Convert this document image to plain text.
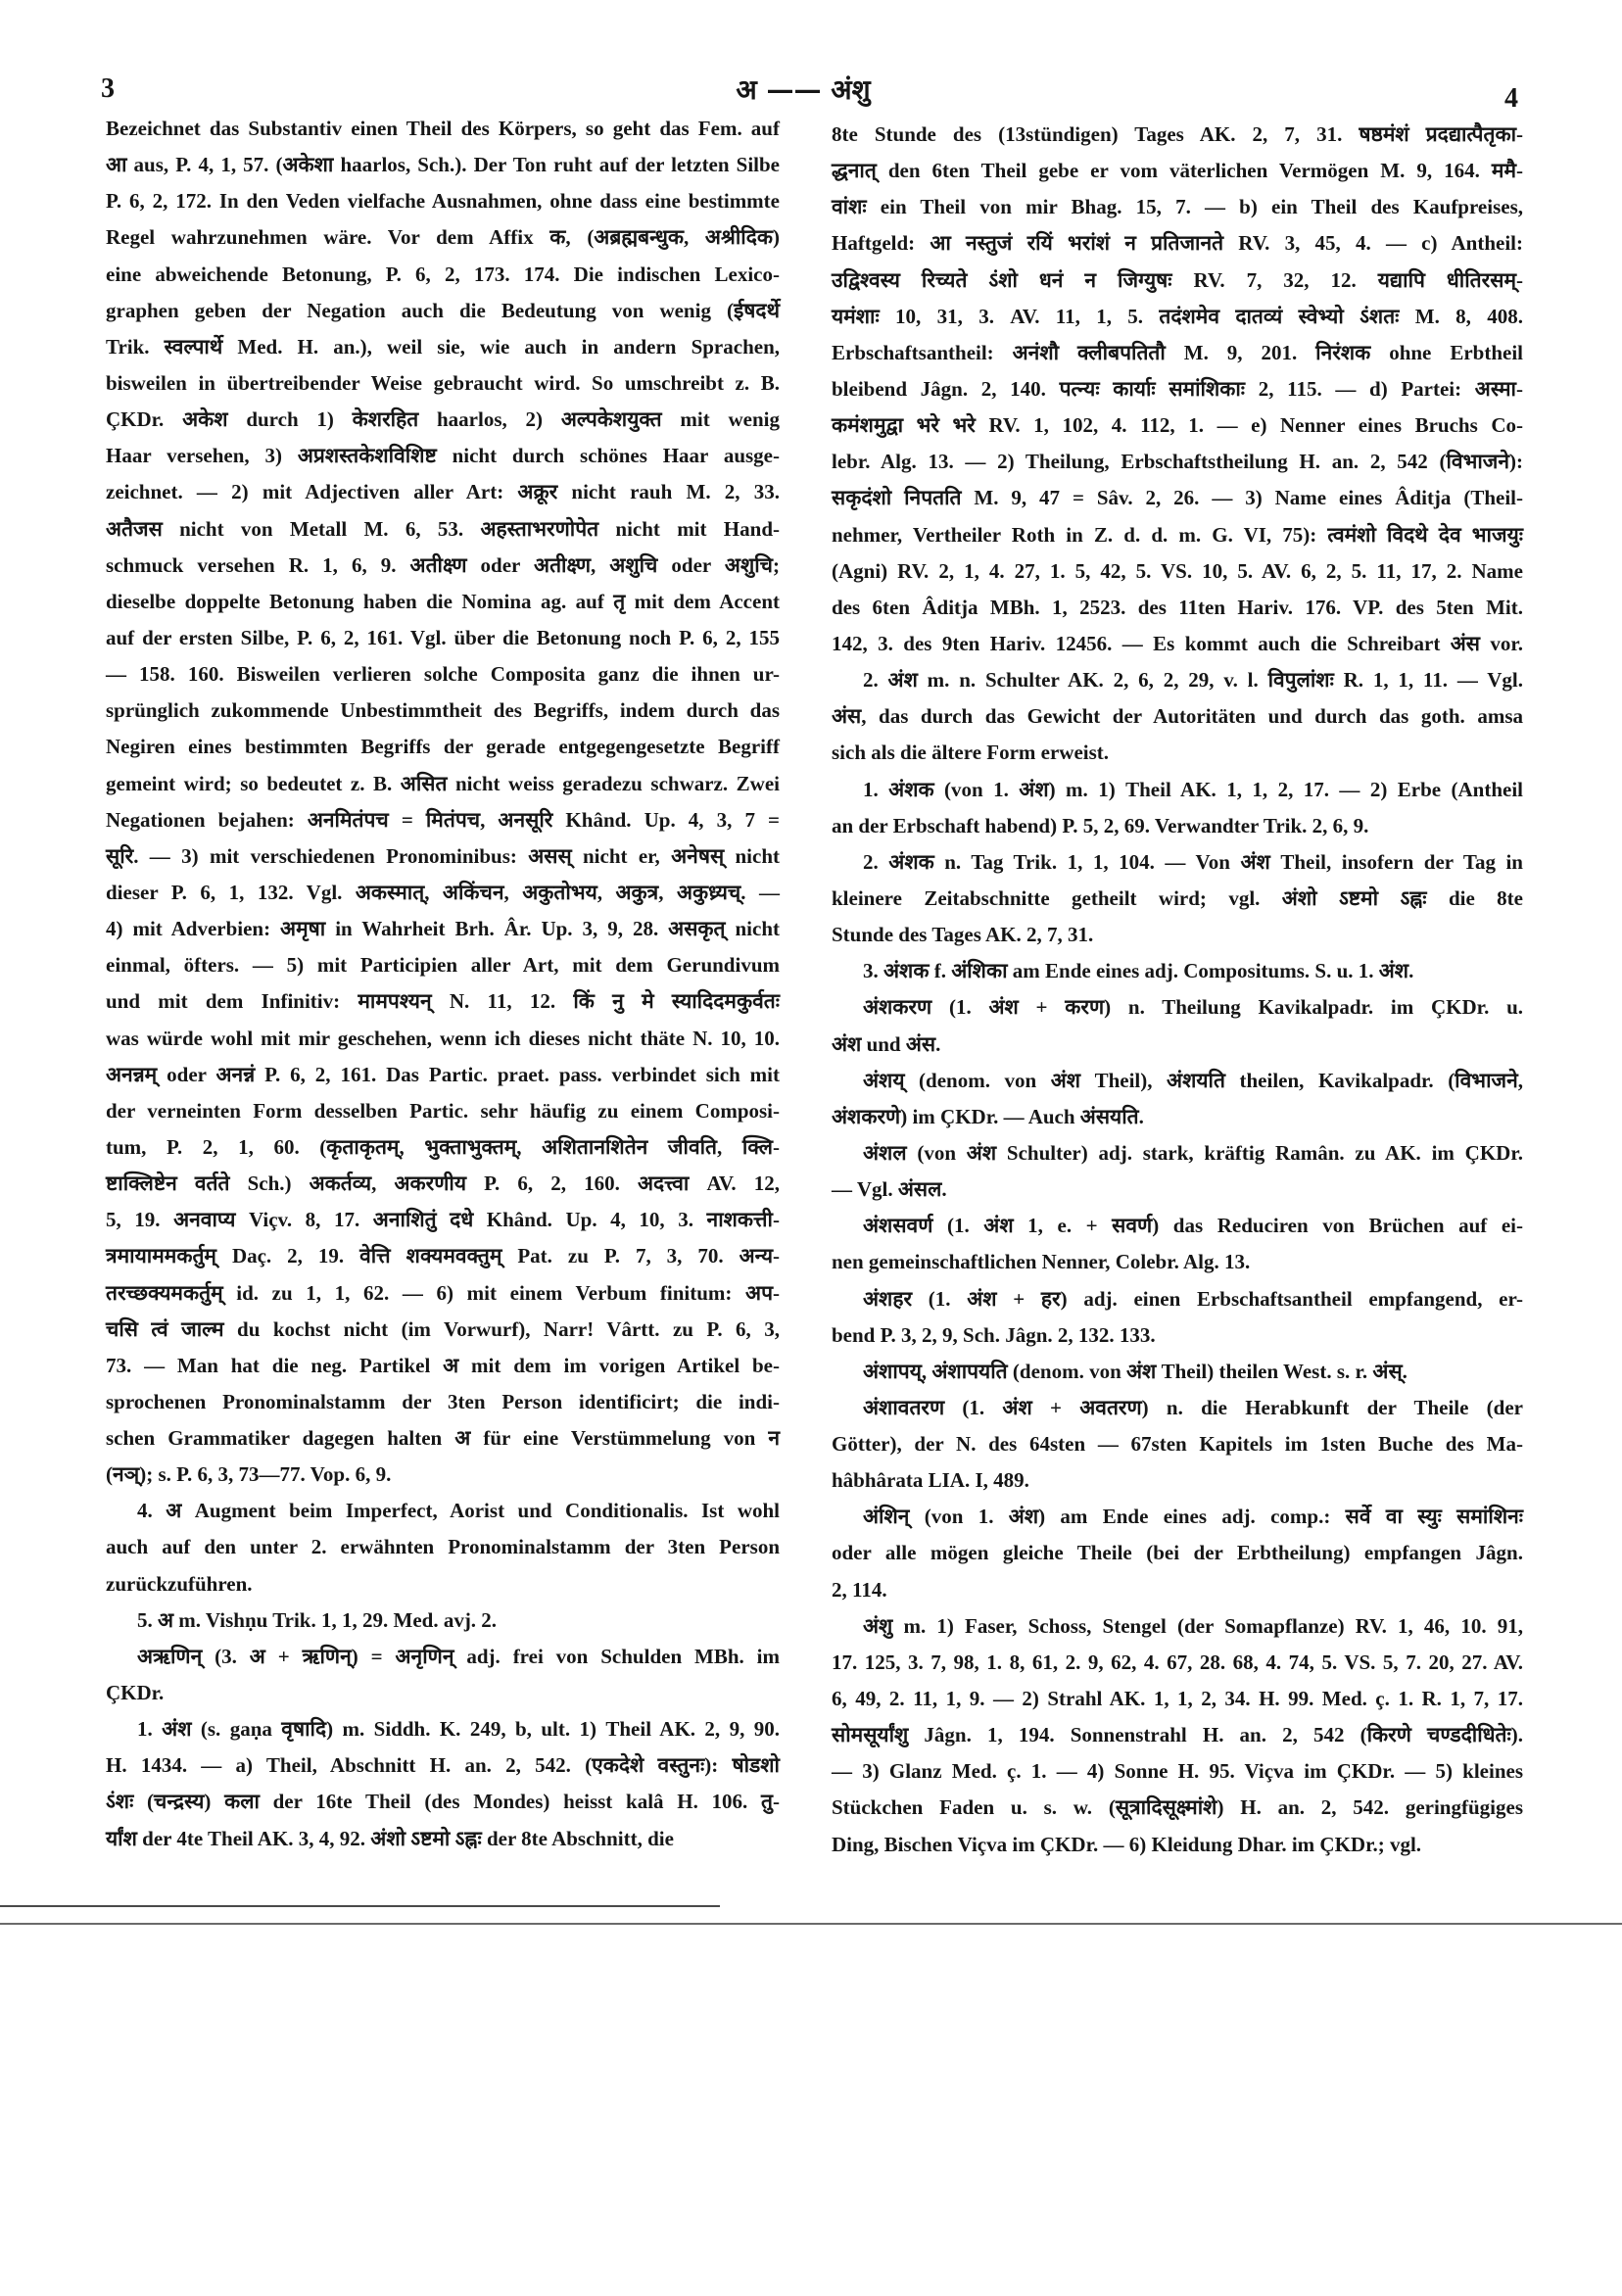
3	अ —— अंशु	4
Bezeichnet das Substantiv einen Theil des Körpers, so geht das Fem. auf
आ aus, P. 4, 1, 57. (अकेशा haarlos, Sch.). Der Ton ruht auf der letzten Silbe
P. 6, 2, 172. In den Veden vielfache Ausnahmen, ohne dass eine bestimmte
Regel wahrzunehmen wäre. Vor dem Affix क, (अब्रह्मबन्धुक, अश्रीदिक)
eine abweichende Betonung, P. 6, 2, 173. 174. Die indischen Lexico-
graphen geben der Negation auch die Bedeutung von wenig (ईषदर्थे
Trik. स्वल्पार्थे Med. H. an.), weil sie, wie auch in andern Sprachen,
bisweilen in übertreibender Weise gebraucht wird. So umschreibt z. B.
ÇKDr. अकेश durch 1) केशरहित haarlos, 2) अल्पकेशयुक्त mit wenig
Haar versehen, 3) अप्रशस्तकेशविशिष्ट nicht durch schönes Haar ausge-
zeichnet. — 2) mit Adjectiven aller Art: अक्रूर nicht rauh M. 2, 33.
अतैजस nicht von Metall M. 6, 53. अहस्ताभरणोपेत nicht mit Hand-
schmuck versehen R. 1, 6, 9. अतीक्ष्ण oder अतीक्ष्ण, अशुचि oder अशुचि;
dieselbe doppelte Betonung haben die Nomina ag. auf तृ mit dem Accent
auf der ersten Silbe, P. 6, 2, 161. Vgl. über die Betonung noch P. 6, 2, 155
— 158. 160. Bisweilen verlieren solche Composita ganz die ihnen ur-
sprünglich zukommende Unbestimmtheit des Begriffs, indem durch das
Negiren eines bestimmten Begriffs der gerade entgegengesetzte Begriff
gemeint wird; so bedeutet z. B. असित nicht weiss geradezu schwarz. Zwei
Negationen bejahen: अनमितंपच = मितंपच, अनसूरि Khând. Up. 4, 3, 7 =
सूरि. — 3) mit verschiedenen Pronominibus: असस् nicht er, अनेषस् nicht
dieser P. 6, 1, 132. Vgl. अकस्मात्, अकिंचन, अकुतोभय, अकुत्र, अकुध्र्यच्. —
4) mit Adverbien: अमृषा in Wahrheit Brh. Âr. Up. 3, 9, 28. असकृत् nicht
einmal, öfters. — 5) mit Participien aller Art, mit dem Gerundivum
und mit dem Infinitiv: मामपश्यन् N. 11, 12. किं नु मे स्यादिदमकुर्वतः
was würde wohl mit mir geschehen, wenn ich dieses nicht thäte N. 10, 10.
अनन्नम् oder अनन्नं P. 6, 2, 161. Das Partic. praet. pass. verbindet sich mit
der verneinten Form desselben Partic. sehr häufig zu einem Composi-
tum, P. 2, 1, 60. (कृताकृतम्, भुक्ताभुक्तम्, अशितानशितेन जीवति, क्लि-
ष्टाक्लिष्टेन वर्तते Sch.) अकर्तव्य, अकरणीय P. 6, 2, 160. अदत्त्वा AV. 12,
5, 19. अनवाप्य Viçv. 8, 17. अनाशितुं दधे Khând. Up. 4, 10, 3. नाशकत्ती-
त्रमायाममकर्तुम् Daç. 2, 19. वेत्ति शक्यमवक्तुम् Pat. zu P. 7, 3, 70. अन्य-
तरच्छक्यमकर्तुम् id. zu 1, 1, 62. — 6) mit einem Verbum finitum: अप-
चसि त्वं जाल्म du kochst nicht (im Vorwurf), Narr! Vârtt. zu P. 6, 3,
73. — Man hat die neg. Partikel अ mit dem im vorigen Artikel be-
sprochenen Pronominalstamm der 3ten Person identificirt; die indi-
schen Grammatiker dagegen halten अ für eine Verstümmelung von न
(नञ्); s. P. 6, 3, 73—77. Vop. 6, 9.
4. अ Augment beim Imperfect, Aorist und Conditionalis. Ist wohl
auch auf den unter 2. erwähnten Pronominalstamm der 3ten Person
zurückzuführen.
5. अ m. Vishṇu Trik. 1, 1, 29. Med. avj. 2.
अऋणिन् (3. अ + ऋणिन्) = अनृणिन् adj. frei von Schulden MBh. im
ÇKDr.
1. अंश (s. gaṇa वृषादि) m. Siddh. K. 249, b, ult. 1) Theil AK. 2, 9, 90.
H. 1434. — a) Theil, Abschnitt H. an. 2, 542. (एकदेशे वस्तुनः): षोडशो
ऽंशः (चन्द्रस्य) कला der 16te Theil (des Mondes) heisst kalâ H. 106. तु-
र्यांश der 4te Theil AK. 3, 4, 92. अंशो ऽष्टमो ऽह्नः der 8te Abschnitt, die
8te Stunde des (13stündigen) Tages AK. 2, 7, 31. षष्ठमंशं प्रदद्यात्पैतृका-
द्धनात् den 6ten Theil gebe er vom väterlichen Vermögen M. 9, 164. ममै-
वांशः ein Theil von mir Bhag. 15, 7. — b) ein Theil des Kaufpreises,
Haftgeld: आ नस्तुजं रयिं भरांशं न प्रतिजानते RV. 3, 45, 4. — c) Antheil:
उद्विश्वस्य रिच्यते ऽंशो धनं न जिग्युषः RV. 7, 32, 12. यद्यापि धीतिरसम्-
यमंशाः 10, 31, 3. AV. 11, 1, 5. तदंशमेव दातव्यं स्वेभ्यो ऽंशतः M. 8, 408.
Erbschaftsantheil: अनंशौ क्लीबपतितौ M. 9, 201. निरंशक ohne Erbtheil
bleibend Jâgn. 2, 140. पत्न्यः कार्याः समांशिकाः 2, 115. — d) Partei: अस्मा-
कमंशमुद्वा भरे भरे RV. 1, 102, 4. 112, 1. — e) Nenner eines Bruchs Co-
lebr. Alg. 13. — 2) Theilung, Erbschaftstheilung H. an. 2, 542 (विभाजने):
सकृदंशो निपतति M. 9, 47 = Sâv. 2, 26. — 3) Name eines Âditja (Theil-
nehmer, Vertheiler Roth in Z. d. d. m. G. VI, 75): त्वमंशो विदथे देव भाजयुः
(Agni) RV. 2, 1, 4. 27, 1. 5, 42, 5. VS. 10, 5. AV. 6, 2, 5. 11, 17, 2. Name
des 6ten Âditja MBh. 1, 2523. des 11ten Hariv. 176. VP. des 5ten Mit.
142, 3. des 9ten Hariv. 12456. — Es kommt auch die Schreibart अंस vor.
2. अंश m. n. Schulter AK. 2, 6, 2, 29, v. l. विपुलांशः R. 1, 1, 11. — Vgl.
अंस, das durch das Gewicht der Autoritäten und durch das goth. amsa
sich als die ältere Form erweist.
1. अंशक (von 1. अंश) m. 1) Theil AK. 1, 1, 2, 17. — 2) Erbe (Antheil
an der Erbschaft habend) P. 5, 2, 69. Verwandter Trik. 2, 6, 9.
2. अंशक n. Tag Trik. 1, 1, 104. — Von अंश Theil, insofern der Tag in
kleinere Zeitabschnitte getheilt wird; vgl. अंशो ऽष्टमो ऽह्नः die 8te
Stunde des Tages AK. 2, 7, 31.
3. अंशक f. अंशिका am Ende eines adj. Compositums. S. u. 1. अंश.
अंशकरण (1. अंश + करण) n. Theilung Kavikalpadr. im ÇKDr. u.
अंश und अंस.
अंशय् (denom. von अंश Theil), अंशयति theilen, Kavikalpadr. (विभाजने,
अंशकरणे) im ÇKDr. — Auch अंसयति.
अंशल (von अंश Schulter) adj. stark, kräftig Ramân. zu AK. im ÇKDr.
— Vgl. अंसल.
अंशसवर्ण (1. अंश 1, e. + सवर्ण) das Reduciren von Brüchen auf ei-
nen gemeinschaftlichen Nenner, Colebr. Alg. 13.
अंशहर (1. अंश + हर) adj. einen Erbschaftsantheil empfangend, er-
bend P. 3, 2, 9, Sch. Jâgn. 2, 132. 133.
अंशापय्, अंशापयति (denom. von अंश Theil) theilen West. s. r. अंस्.
अंशावतरण (1. अंश + अवतरण) n. die Herabkunft der Theile (der
Götter), der N. des 64sten — 67sten Kapitels im 1sten Buche des Ma-
hâbhârata LIA. I, 489.
अंशिन् (von 1. अंश) am Ende eines adj. comp.: सर्वे वा स्युः समांशिनः
oder alle mögen gleiche Theile (bei der Erbtheilung) empfangen Jâgn.
2, 114.
अंशु m. 1) Faser, Schoss, Stengel (der Somapflanze) RV. 1, 46, 10. 91,
17. 125, 3. 7, 98, 1. 8, 61, 2. 9, 62, 4. 67, 28. 68, 4. 74, 5. VS. 5, 7. 20, 27. AV.
6, 49, 2. 11, 1, 9. — 2) Strahl AK. 1, 1, 2, 34. H. 99. Med. ç. 1. R. 1, 7, 17.
सोमसूर्यांशु Jâgn. 1, 194. Sonnenstrahl H. an. 2, 542 (किरणे चण्डदीधितेः).
— 3) Glanz Med. ç. 1. — 4) Sonne H. 95. Viçva im ÇKDr. — 5) kleines
Stückchen Faden u. s. w. (सूत्रादिसूक्ष्मांशे) H. an. 2, 542. geringfügiges
Ding, Bischen Viçva im ÇKDr. — 6) Kleidung Dhar. im ÇKDr.; vgl.
